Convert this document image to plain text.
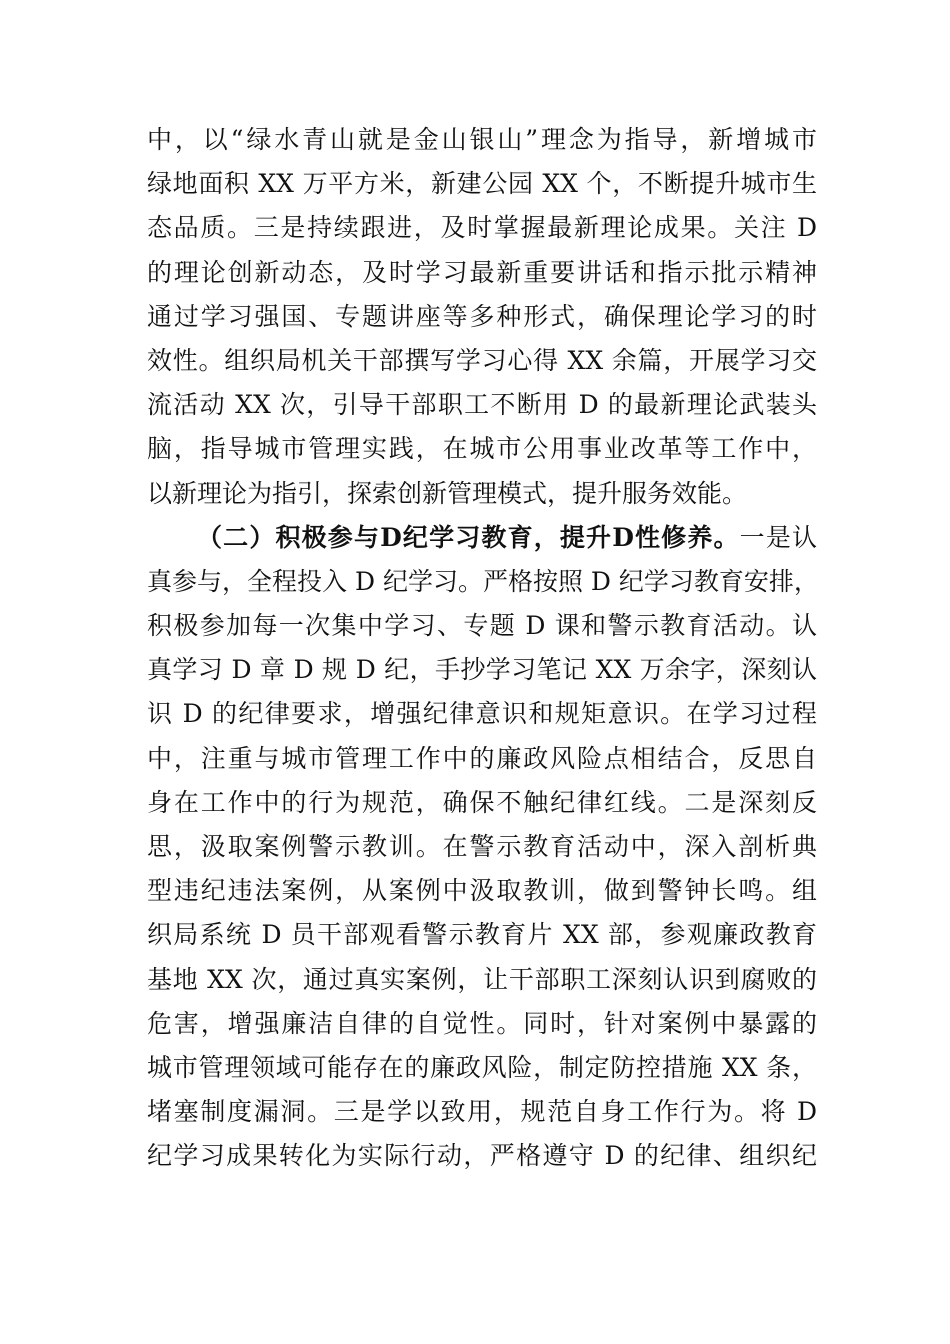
中，以“绿水青山就是金山银山”理念为指导，新增城市
绿地面积 XX 万平方米，新建公园 XX 个，不断提升城市生
态品质。三是持续跟进，及时掌握最新理论成果。关注 D
的理论创新动态，及时学习最新重要讲话和指示批示精神
通过学习强国、专题讲座等多种形式，确保理论学习的时
效性。组织局机关干部撰写学习心得 XX 余篇，开展学习交
流活动 XX 次，引导干部职工不断用 D 的最新理论武装头
脑，指导城市管理实践，在城市公用事业改革等工作中，
以新理论为指引，探索创新管理模式，提升服务效能。
（二）积极参与D纪学习教育，提升D性修养。一是认
真参与，全程投入 D 纪学习。严格按照 D 纪学习教育安排，
积极参加每一次集中学习、专题 D 课和警示教育活动。认
真学习 D 章 D 规 D 纪，手抄学习笔记 XX 万余字，深刻认
识 D 的纪律要求，增强纪律意识和规矩意识。在学习过程
中，注重与城市管理工作中的廉政风险点相结合，反思自
身在工作中的行为规范，确保不触纪律红线。二是深刻反
思，汲取案例警示教训。在警示教育活动中，深入剖析典
型违纪违法案例，从案例中汲取教训，做到警钟长鸣。组
织局系统 D 员干部观看警示教育片 XX 部，参观廉政教育
基地 XX 次，通过真实案例，让干部职工深刻认识到腐败的
危害，增强廉洁自律的自觉性。同时，针对案例中暴露的
城市管理领域可能存在的廉政风险，制定防控措施 XX 条，
堵塞制度漏洞。三是学以致用，规范自身工作行为。将 D
纪学习成果转化为实际行动，严格遵守 D 的纪律、组织纪
